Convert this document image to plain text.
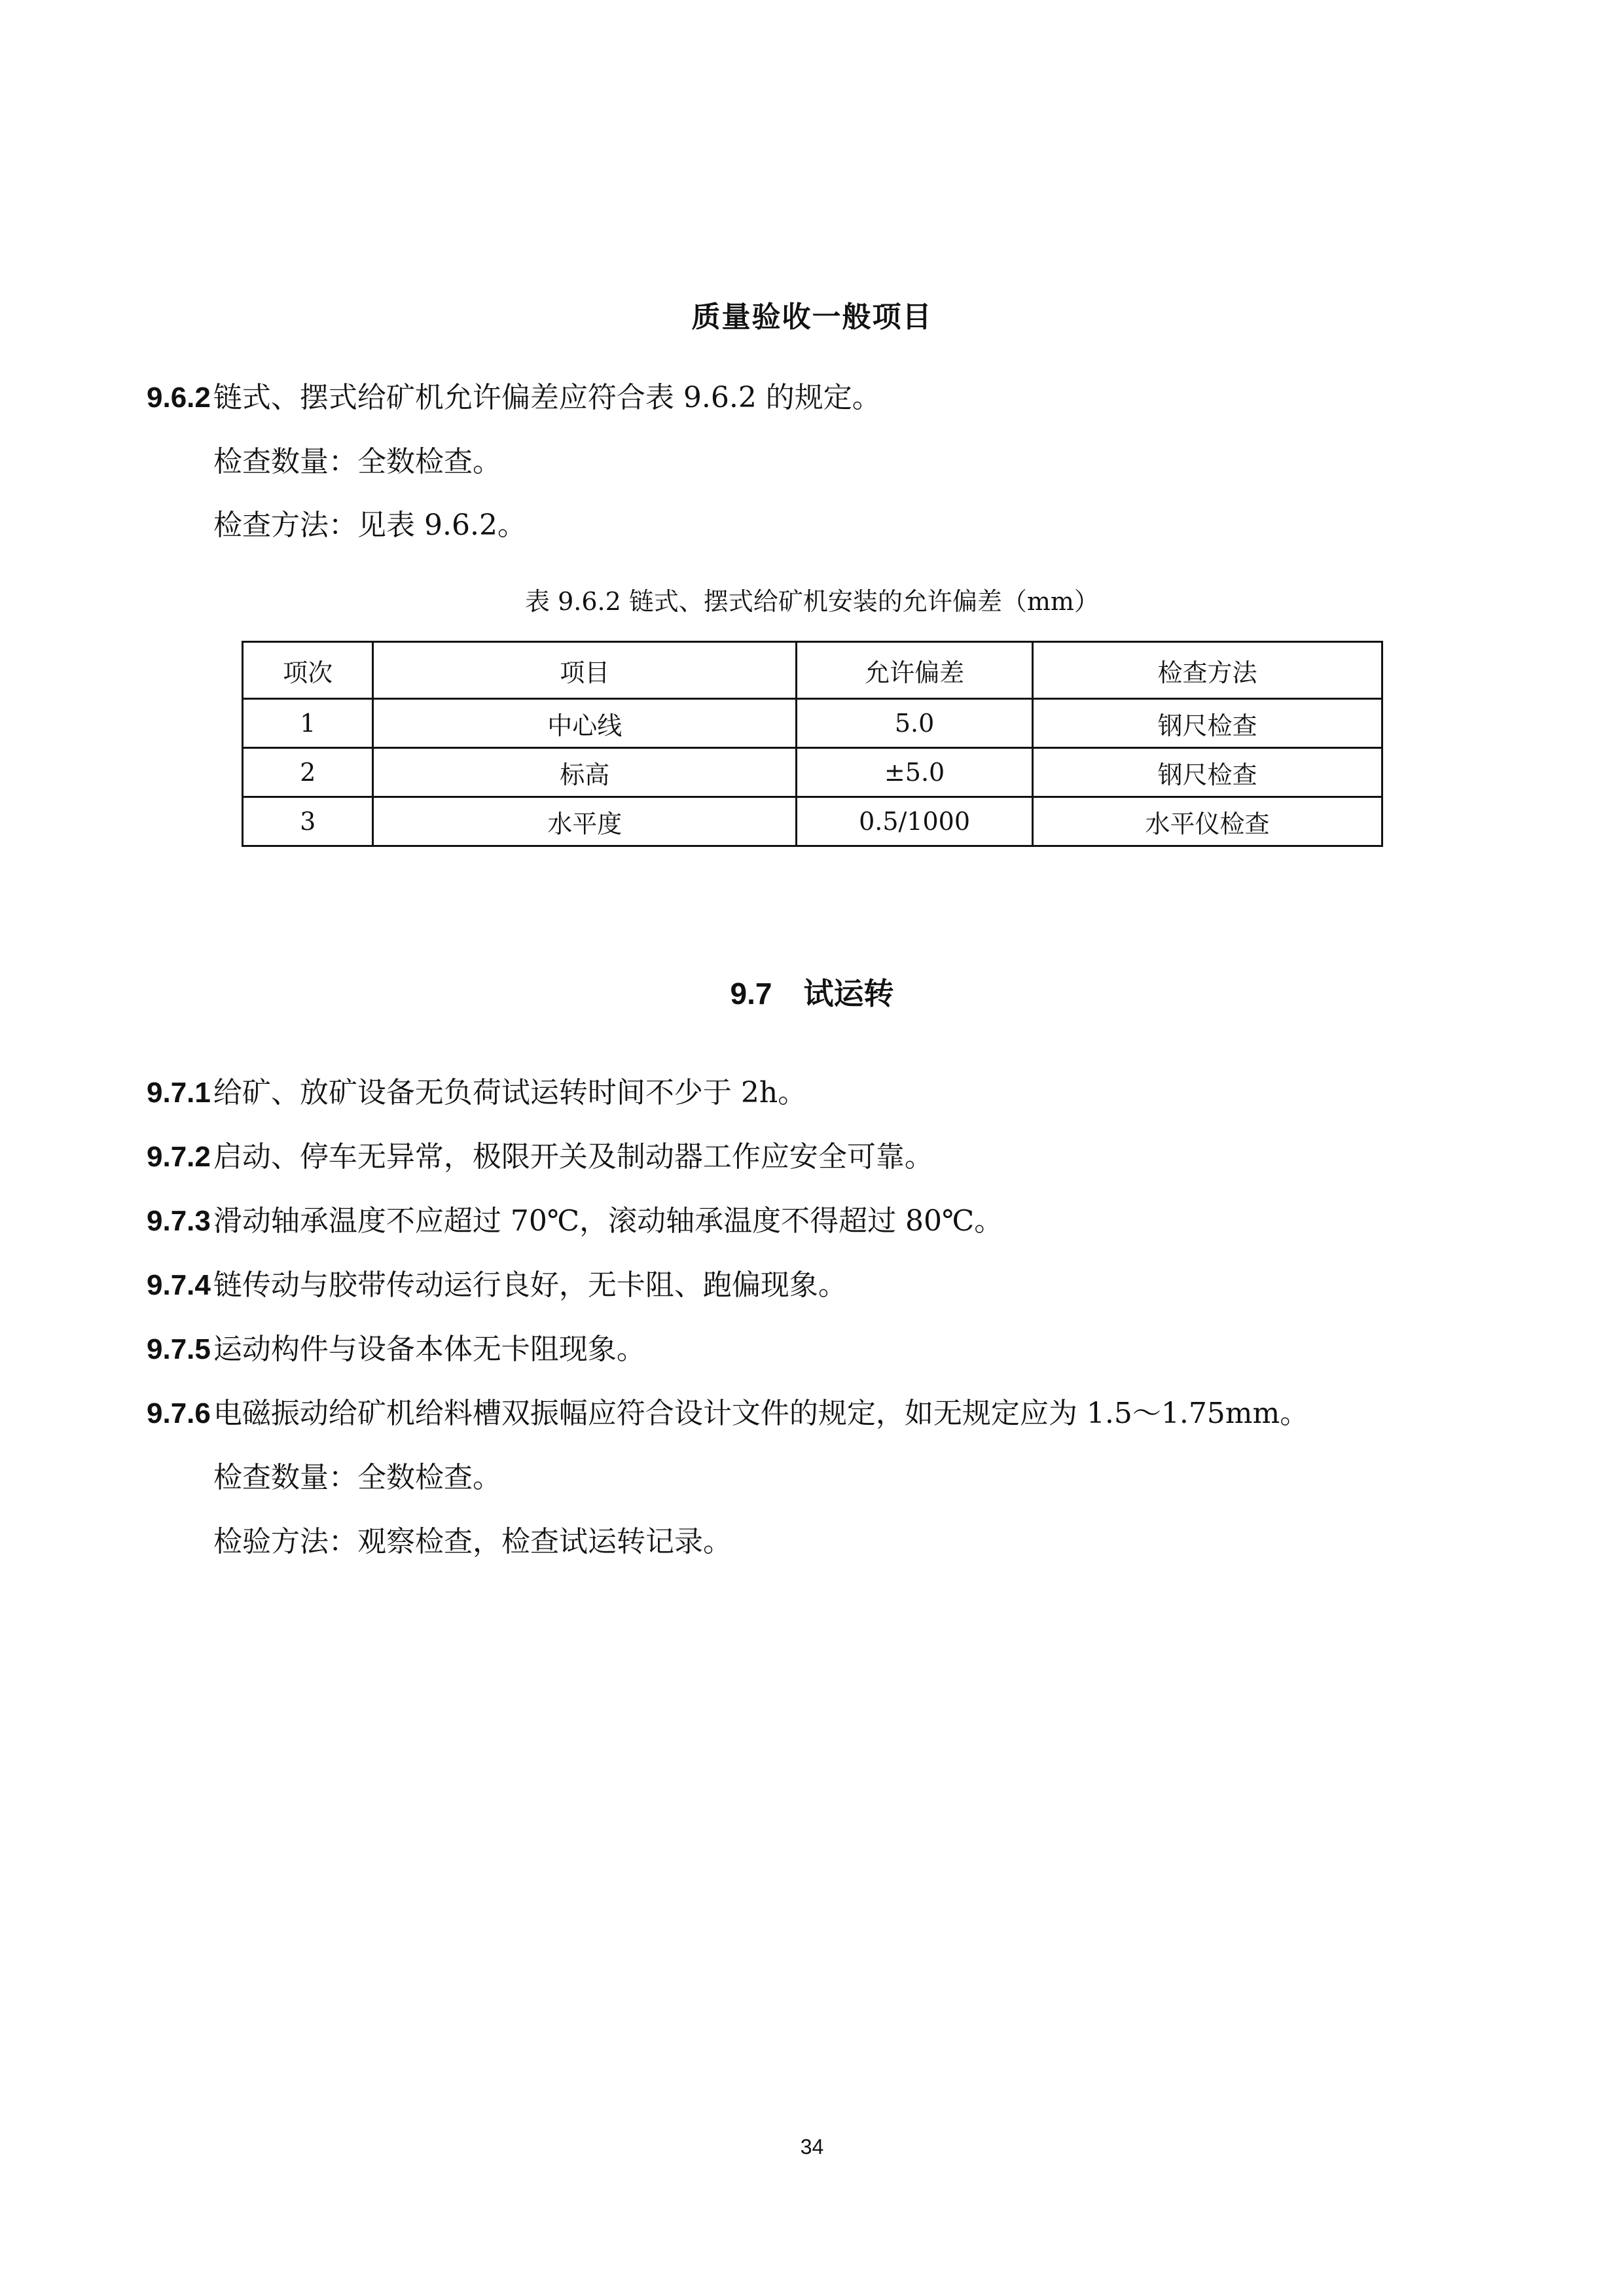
质量验收一般项目
9.6.2链式、摆式给矿机允许偏差应符合表 9.6.2 的规定。
检查数量：全数检查。
检查方法：见表 9.6.2。
表 9.6.2 链式、摆式给矿机安装的允许偏差（mm）
项次	项目	允许偏差	检查方法
1	中心线	5.0	钢尺检查
2	标高	±5.0	钢尺检查
3	水平度	0.5/1000	水平仪检查
9.7 试运转
9.7.1给矿、放矿设备无负荷试运转时间不少于 2h。
9.7.2启动、停车无异常，极限开关及制动器工作应安全可靠。
9.7.3滑动轴承温度不应超过 70℃，滚动轴承温度不得超过 80℃。
9.7.4链传动与胶带传动运行良好，无卡阻、跑偏现象。
9.7.5运动构件与设备本体无卡阻现象。
9.7.6电磁振动给矿机给料槽双振幅应符合设计文件的规定，如无规定应为 1.5～1.75mm。
检查数量：全数检查。
检验方法：观察检查，检查试运转记录。
34
